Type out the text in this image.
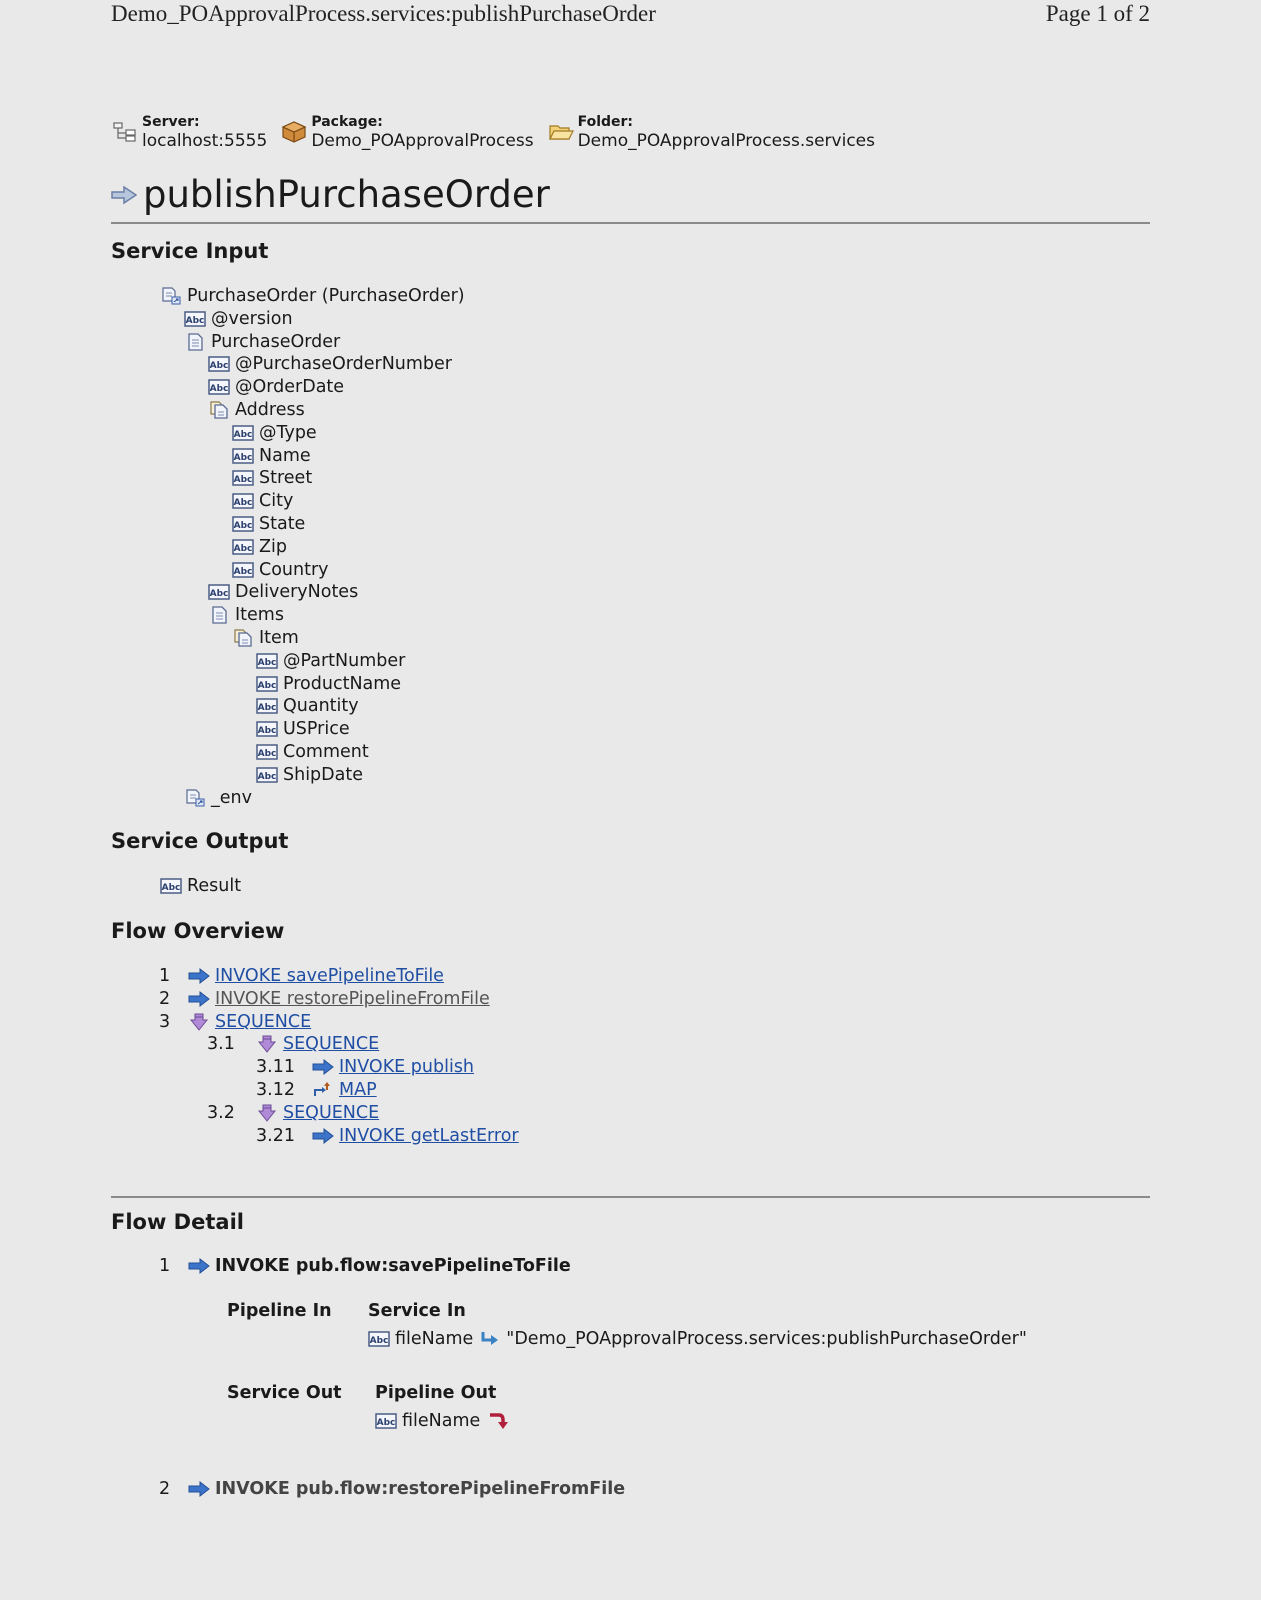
Demo_POApprovalProcess.services:publishPurchaseOrder	Page 1 of 2
Server:
localhost:5555
Package:
Demo_POApprovalProcess
Folder:
Demo_POApprovalProcess.services
publishPurchaseOrder
Service Input
PurchaseOrder (PurchaseOrder)
@version
PurchaseOrder
@PurchaseOrderNumber
@OrderDate
Address
@Type
Name
Street
City
State
Zip
Country
DeliveryNotes
Items
Item
@PartNumber
ProductName
Quantity
USPrice
Comment
ShipDate
_env
Service Output
Result
Flow Overview
1	INVOKE savePipelineToFile
2	INVOKE restorePipelineFromFile
3	SEQUENCE
3.1	SEQUENCE
3.11	INVOKE publish
3.12	MAP
3.2	SEQUENCE
3.21	INVOKE getLastError
Flow Detail
1	INVOKE pub.flow:savePipelineToFile
Pipeline In Service In
fileName "Demo_POApprovalProcess.services:publishPurchaseOrder"
Service Out Pipeline Out
fileName
2	INVOKE pub.flow:restorePipelineFromFile
